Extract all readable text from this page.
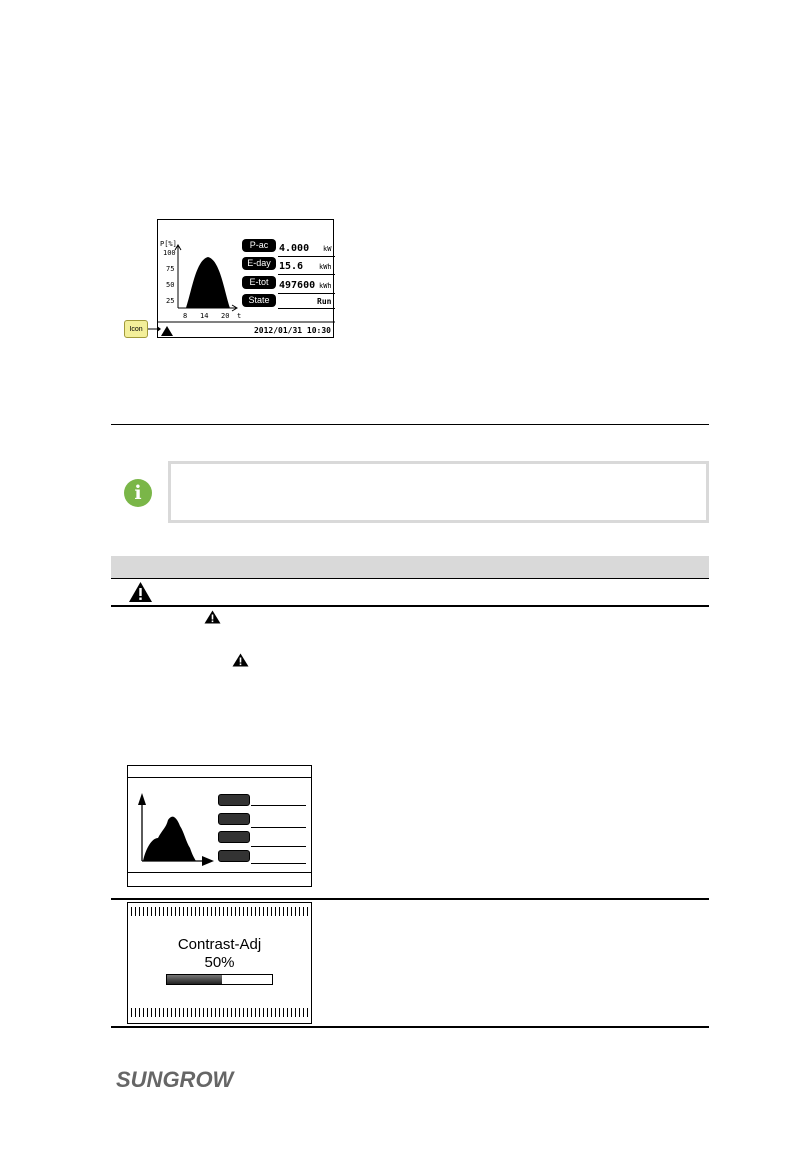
P[%]
100
75
50
25
8 14 20 t
P-ac	4.000 kW
E-day 15.6 kWh
E-tot	497600 kWh
State	Run
2012/01/31 10:30
Icon
i
Contrast-Adj
50%
SUNGROW
